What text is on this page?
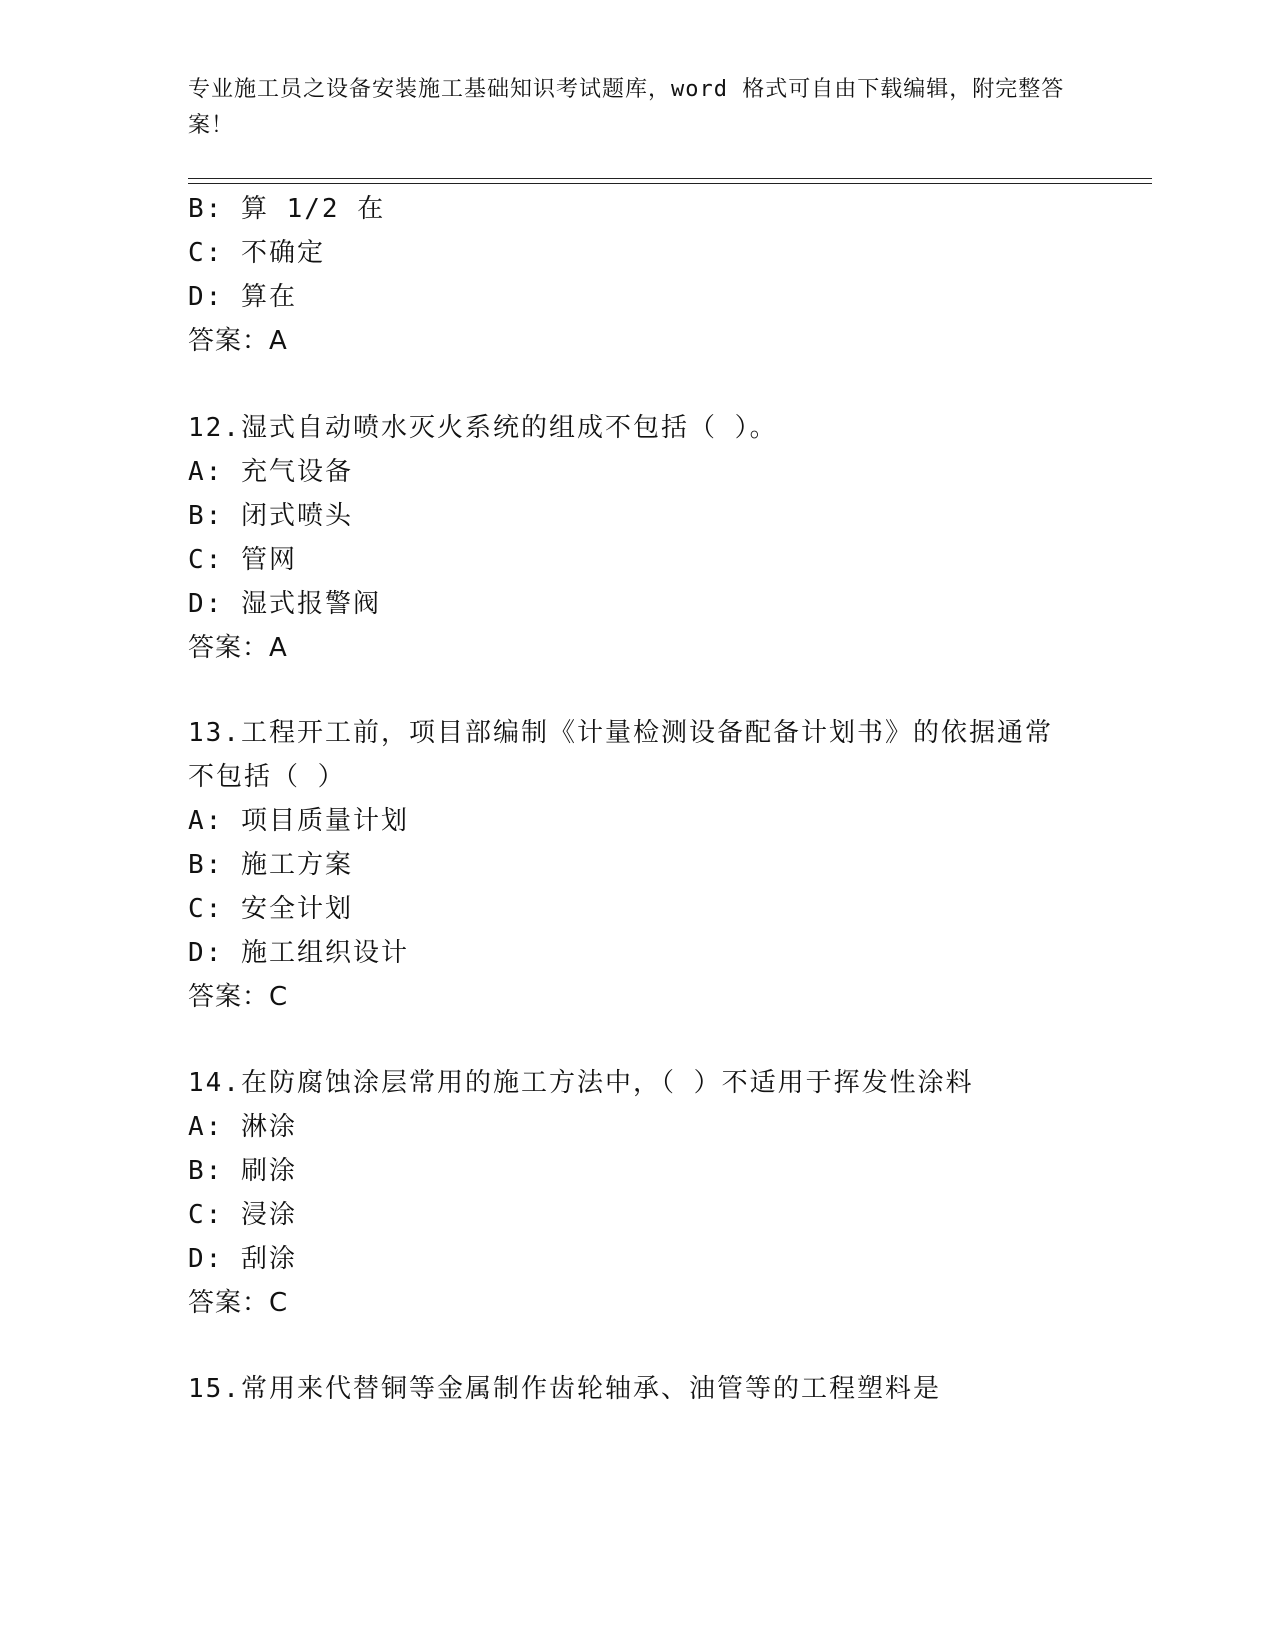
专业施工员之设备安装施工基础知识考试题库，word 格式可自由下载编辑，附完整答案！
B: 算 1/2 在
C: 不确定
D: 算在
答案：A
12.湿式自动喷水灭火系统的组成不包括（ ）。
A: 充气设备
B: 闭式喷头
C: 管网
D: 湿式报警阀
答案：A
13.工程开工前，项目部编制《计量检测设备配备计划书》的依据通常
不包括（ ）
A: 项目质量计划
B: 施工方案
C: 安全计划
D: 施工组织设计
答案：C
14.在防腐蚀涂层常用的施工方法中，（ ）不适用于挥发性涂料
A: 淋涂
B: 刷涂
C: 浸涂
D: 刮涂
答案：C
15.常用来代替铜等金属制作齿轮轴承、油管等的工程塑料是
